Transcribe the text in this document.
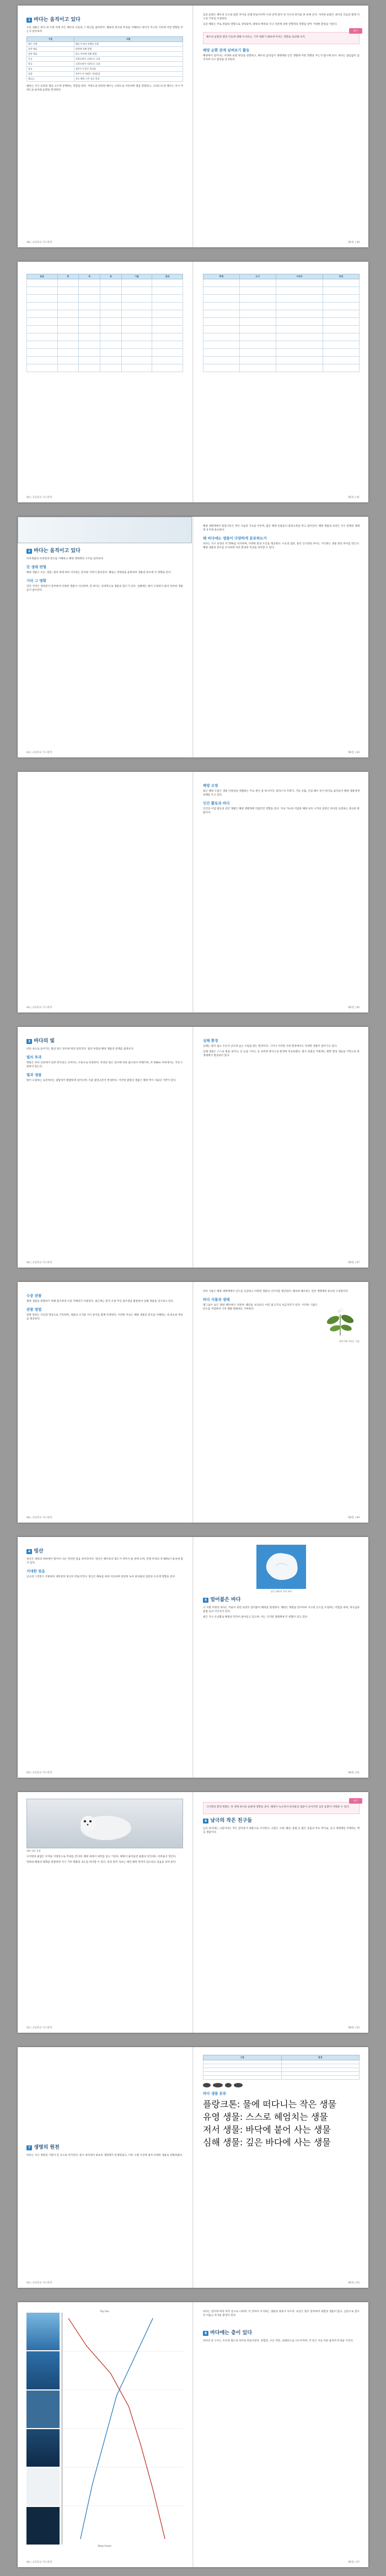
1 바다는 움직이고 있다

오른 내용은 바다 위 수면 아래 모든 해수의 흐름과 그 원인을 살펴본다. 해류의 분포와 특성을 이해하고 바다가 지구의 기후에 어떤 영향을 주는지 알아보자.

구분	내용
해수 순환	해류가 바다 전체를 순환
표층 해류	바람에 의해 발생
심층 해류	밀도 차이에 의해 발생
난류	저위도에서 고위도로 흐름
한류	고위도에서 저위도로 흐름
용승	심층수가 위로 올라옴
침강	표층수가 아래로 가라앉음
엘니뇨	적도 해역 수온 상승 현상

해류는 지구 표면의 열을 고르게 분배하는 역할을 한다. 저위도의 따뜻한 해수는 고위도로 이동하며 열을 전달하고, 고위도의 찬 해수는 다시 저위도로 돌아와 순환을 완성한다.

38 | 고등학교 지구과학

심층 순환은 해수의 온도와 염분 차이로 인해 만들어지며 수천 년에 걸쳐 전 지구의 바다를 한 바퀴 돈다. 이러한 순환은 대기의 흐름과 함께 지구의 기후를 조절한다.

표층 해류는 주로 바람의 영향으로 생성되며, 대륙의 배치와 지구 자전에 의한 전향력의 영향을 받아 거대한 환류를 이룬다.

탐구

해수의 순환과 열의 이동에 대해 조사하고, 기후 변화가 해류에 미치는 영향을 토의해 보자.

해양 순환 관계 살펴보기 활동

해양에서 일어나는 다양한 순환 현상을 관찰하고, 해수의 움직임이 생태계와 인간 생활에 어떤 영향을 주는지 탐구해 보자. 바다는 끊임없이 움직이며 지구 환경을 유지한다.

제1장 | 39
분류	종	목	과	이름	분포

40 | 고등학교 지구과학
학명	크기	서식지	특징

제1장 | 41
2 바다는 움직이고 있다

바다생물의 다양성과 분포를 이해하고 해양 생태계의 구조를 살펴보자.

단 생태 변형

해양 생물은 수온, 염분, 빛의 양에 따라 서식하는 깊이와 지역이 달라진다. 해류는 영양염을 운반하여 생물의 분포에 큰 영향을 준다.

기타 그 명확

연안 지역은 영양분이 풍부하여 다양한 생물이 서식하며, 먼 바다는 상대적으로 생물의 밀도가 낮다. 심해에는 빛이 도달하지 않아 독특한 생물들이 살아간다.

42 | 고등학교 지구과학

해양 생태계에서 플랑크톤은 먹이 사슬의 기초를 이루며, 많은 해양 동물들이 플랑크톤을 먹고 살아간다. 해양 생물의 보전은 지구 전체의 생태계 유지에 중요하다.

왜 바다에는 생물이 다양하게 분포하는가

바다는 지구 표면의 약 70%를 차지하며, 다양한 환경 조건을 제공한다. 수온과 염분, 용존 산소량의 차이는 서식하는 생물 종의 차이를 만든다. 해양 생물의 분포를 조사하면 바다 환경의 특성을 파악할 수 있다.

제2장 | 43
44 | 고등학교 지구과학
해양 오염

최근 해양 오염은 생물 다양성을 위협하는 주요 원인 중 하나이다. 플라스틱 쓰레기, 기름 유출, 산업 폐수 등이 바다로 흘러들어 해양 생물에게 피해를 주고 있다.

인간 활동과 바다

인간의 어업 활동과 연안 개발은 해양 생태계에 직접적인 영향을 준다. 지속 가능한 어업과 해양 보호 구역의 설정은 바다를 보전하는 중요한 방법이다.

제2장 | 45
3 바다의 빛

바다 속으로 들어가는 빛의 양은 깊이에 따라 달라진다. 빛의 투과와 해양 생물의 관계를 살펴보자.

빛의 투과

햇빛은 바다 표면에서 일부 반사되고 나머지는 수중으로 투과한다. 투과된 빛은 깊이에 따라 흡수되어 약해지며, 약 200m 이하에서는 거의 도달하지 않는다.

빛과 생물

빛이 도달하는 표층에서는 광합성이 활발하게 일어나며, 식물 플랑크톤이 번성한다. 이러한 광합성 생물은 해양 먹이 사슬의 기반이 된다.

46 | 고등학교 지구과학
심해 환경

심해는 빛이 없고 수온이 낮으며 높은 수압을 받는 환경이다. 그러나 이러한 극한 환경에서도 다양한 생물이 살아가고 있다.

심해 생물은 스스로 빛을 내거나, 큰 눈을 가지는 등 독특한 방식으로 환경에 적응하였다. 열수 분출공 주변에는 화학 합성 세균을 기반으로 한 생태계가 형성되어 있다.

제3장 | 47
수중 관찰

해양 생물을 관찰하기 위해 잠수정과 수중 카메라가 이용된다. 최근에는 원격 조종 무인 잠수정을 활용하여 심해 생물을 연구하고 있다.

관찰 방법

관찰 결과는 사진과 영상으로 기록하며, 생물의 크기와 서식 깊이를 함께 측정한다. 이러한 자료는 해양 생물의 분포를 이해하는 데 중요한 정보를 제공한다.

48 | 고등학교 지구과학

바다 식물은 해양 생태계에서 산소를 공급하고 다양한 생물의 서식처를 제공한다. 해초와 해조류는 연안 생태계의 중요한 구성원이다.

바다 식물과 생태

맹그로브 숲은 열대 해안에서 자라며, 해안을 보호하고 어린 물고기의 보금자리가 된다. 이러한 식물은 탄소를 저장하여 기후 변화 완화에도 기여한다.

바닷가에 자라는 식물
제3장 | 49
4 빙산

빙산은 대륙의 빙하에서 떨어져 나온 커다란 얼음 덩어리이다. 빙산은 해수보다 밀도가 작아서 물 위에 뜨며, 전체 부피의 약 90%가 물속에 잠겨 있다.

거대한 얼음

남극과 그린란드 주변에서 대부분의 빙산이 만들어진다. 빙산은 해류를 따라 이동하며 천천히 녹아 바닷물의 염분과 수온에 영향을 준다.

50 | 고등학교 지구과학
남극 대륙과 주변 바다
5 얼어붙은 바다

극 지방 주변의 바다는 겨울이 되면 표면이 얼어붙어 해빙을 형성한다. 해빙은 햇빛을 반사하여 지구의 온도를 조절하는 역할을 하며, 북극곰과 물범 등의 서식처가 된다.

최근 지구 온난화로 해빙의 면적이 줄어들고 있으며, 이는 극지방 생태계에 큰 위협이 되고 있다.

제4장 | 51
해빙 위의 물범

극지방의 물범은 두꺼운 지방층으로 추위를 견디며, 해빙 위에서 새끼를 낳고 기른다. 해빙이 줄어들면 물범의 번식에도 어려움이 생긴다.

빙하와 해빙의 변화를 관찰하면 지구 기후 변화의 속도를 파악할 수 있다. 위성 관측 자료는 매년 해빙 면적이 감소하고 있음을 보여 준다.

52 | 고등학교 지구과학
탐구

극지방의 환경 변화는 전 세계 바다의 순환에 영향을 준다. 해빙이 녹으면서 바닷물의 염분이 낮아지면 심층 순환이 약해질 수 있다.

6 남극의 작은 친구들

남극 바다에는 크릴이라는 작은 갑각류가 대량으로 서식한다. 크릴은 고래, 펭귄, 물범 등 많은 동물의 주요 먹이로, 남극 생태계를 지탱하는 핵심 생물이다.

제4장 | 53
7 생명의 원천

바다는 지구 생명의 기원이 된 곳으로 여겨진다. 원시 바다에서 최초의 생명체가 탄생하였고, 이후 오랜 시간에 걸쳐 다양한 생물로 진화하였다.

54 | 고등학교 지구과학
구분	특징

바다 생물 분류
플랑크톤: 물에 떠다니는 작은 생물
유영 생물: 스스로 헤엄치는 생물
저서 생물: 바닥에 붙어 사는 생물
심해 생물: 깊은 바다에 사는 생물
제5장 | 55
Top Oxic
Deep Anoxic
56 | 고등학교 지구과학

바다는 깊이에 따라 여러 층으로 나뉘며, 각 층마다 서식하는 생물의 종류가 다르다. 표층은 빛이 풍부하여 광합성 생물이 많고, 심층으로 갈수록 어둡고 차가운 환경이 된다.

8 바다에는 층이 있다

바다의 층 구조는 수온과 밀도의 차이로 만들어진다. 혼합층, 수온 약층, 심해층으로 나누어지며, 각 층은 서로 다른 물리적 특성을 가진다.

제5장 | 57
